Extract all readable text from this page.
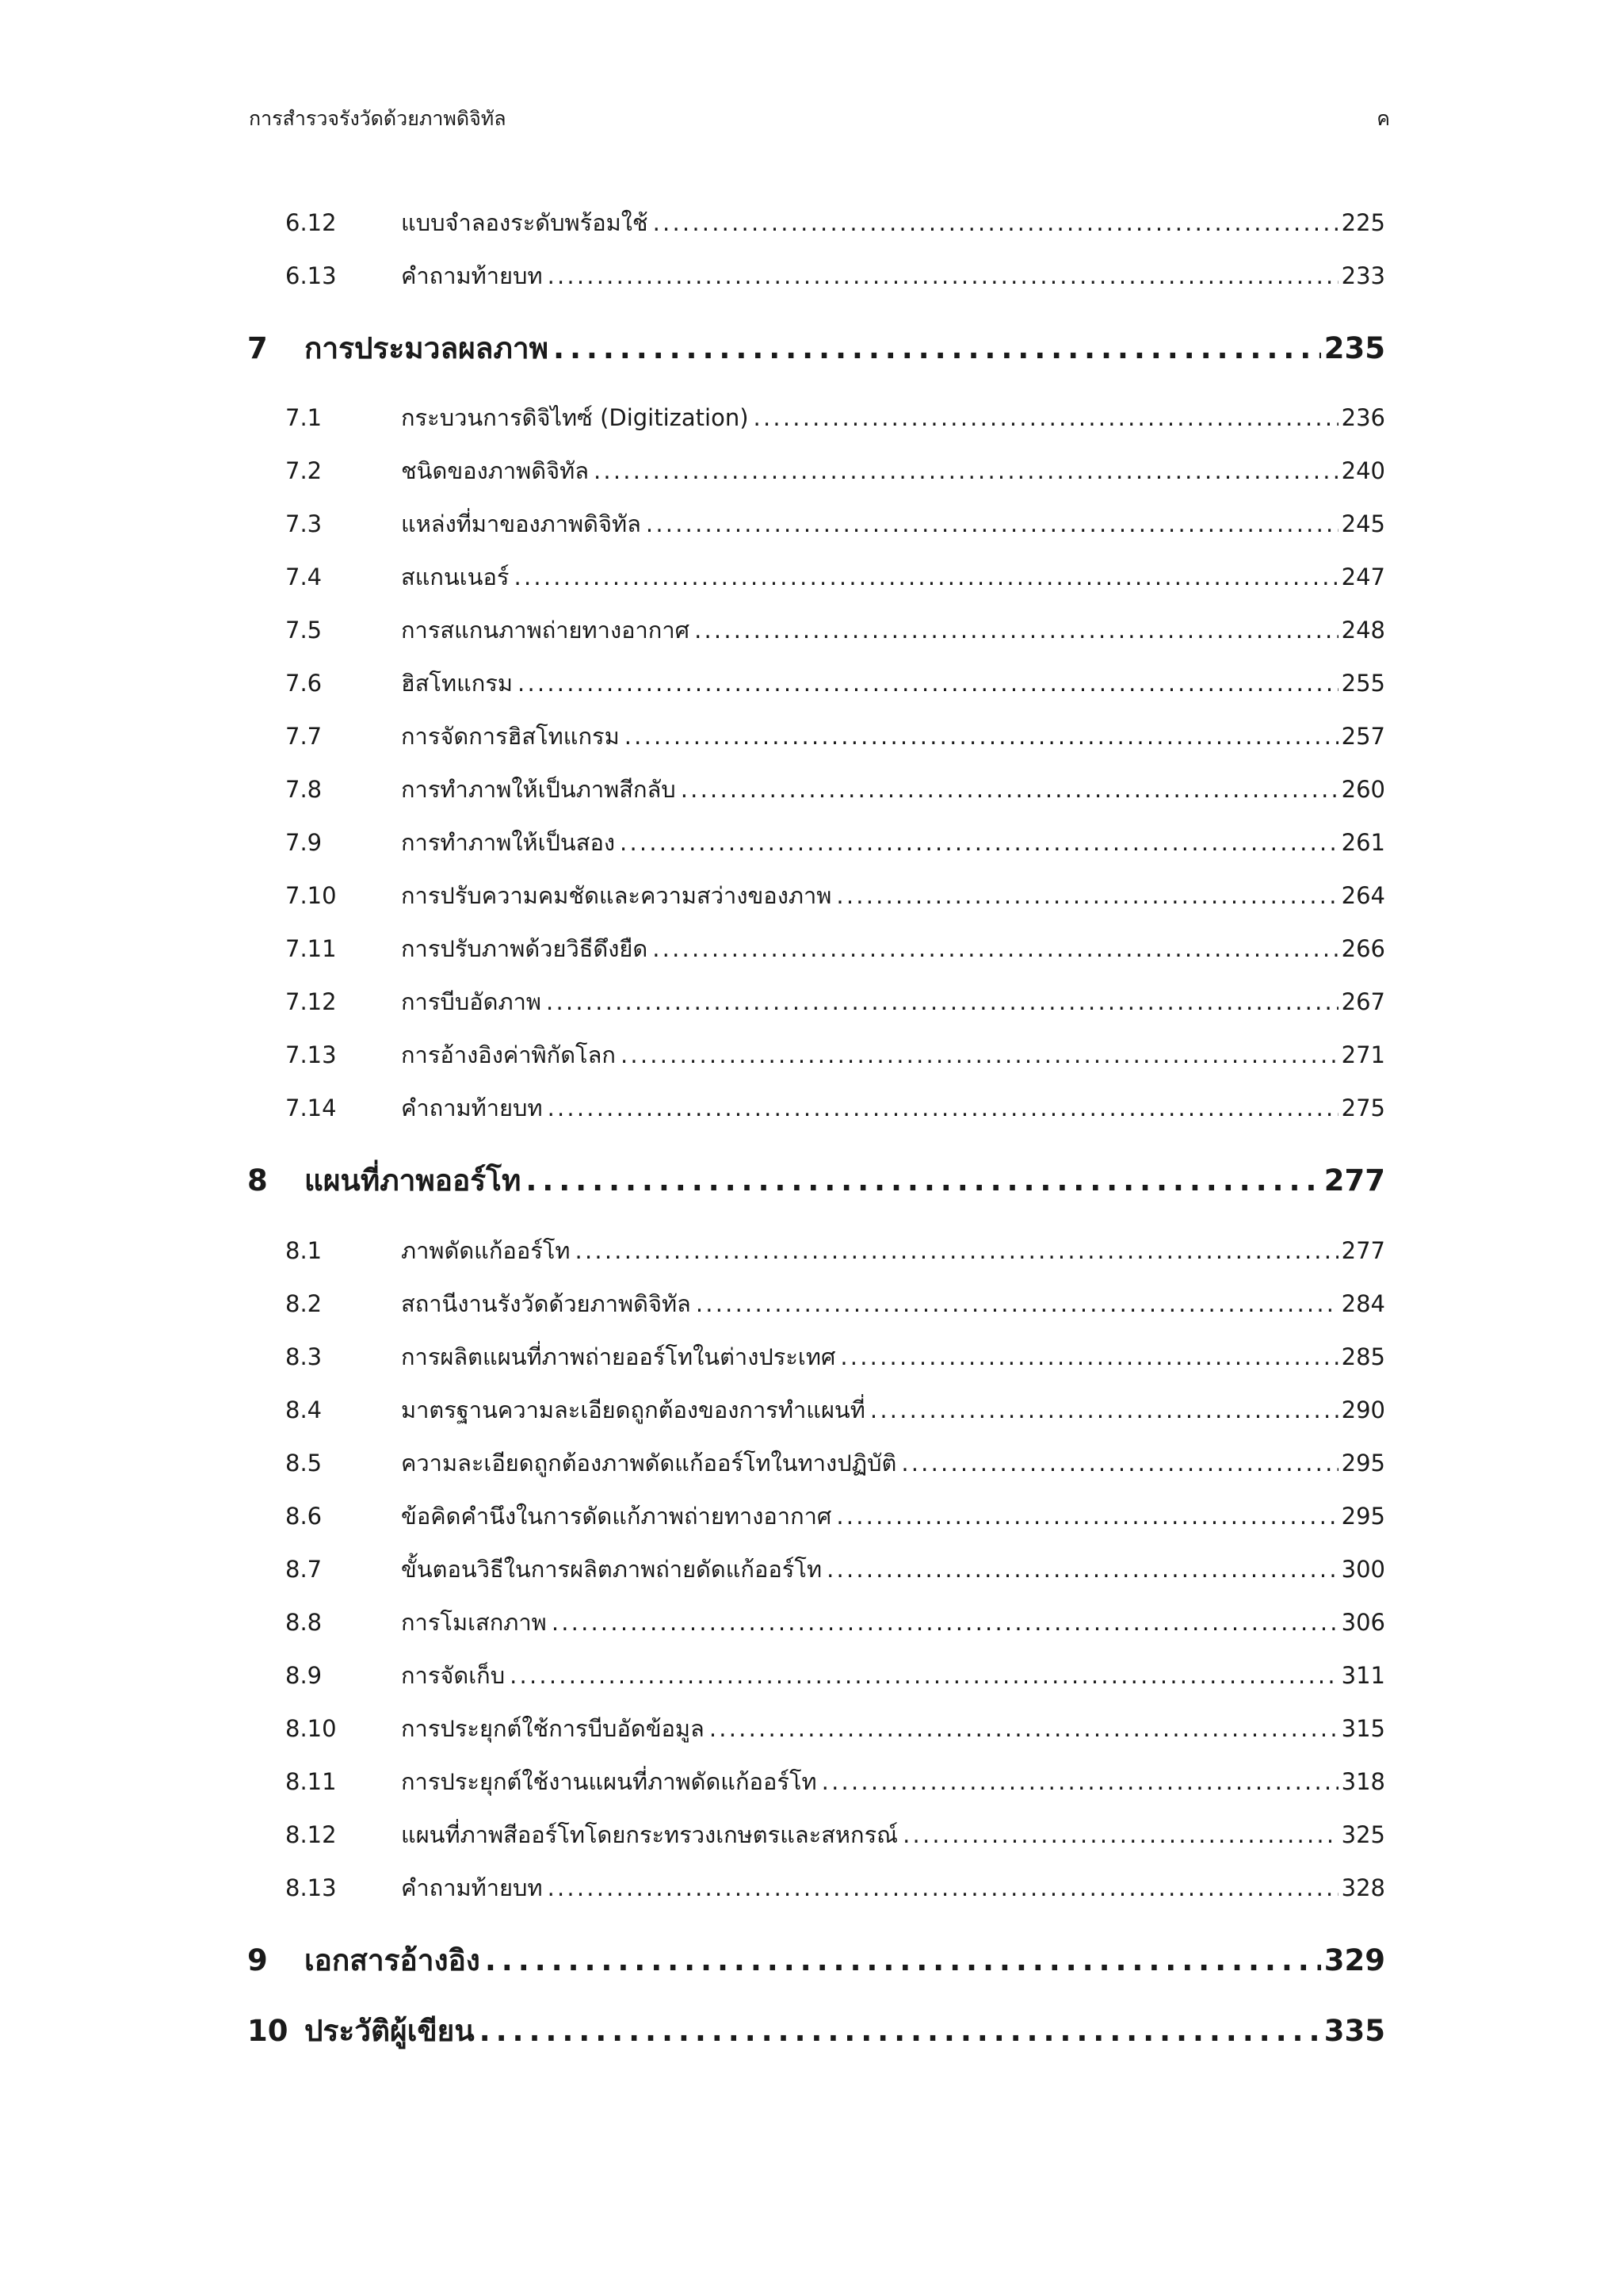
การสำรวจรังวัดด้วยภาพดิจิทัล	ค
6.12	แบบจำลองระดับพร้อมใช้ . . .	225
6.13	คำถามท้ายบท . . .	233
7	การประมวลผลภาพ . . .	235
7.1	กระบวนการดิจิไทซ์ (Digitization) . . .	236
7.2	ชนิดของภาพดิจิทัล . . .	240
7.3	แหล่งที่มาของภาพดิจิทัล . . .	245
7.4	สแกนเนอร์ . . .	247
7.5	การสแกนภาพถ่ายทางอากาศ . . .	248
7.6	ฮิสโทแกรม . . .	255
7.7	การจัดการฮิสโทแกรม . . .	257
7.8	การทำภาพให้เป็นภาพสีกลับ . . .	260
7.9	การทำภาพให้เป็นสอง . . .	261
7.10	การปรับความคมชัดและความสว่างของภาพ . . .	264
7.11	การปรับภาพด้วยวิธีดึงยืด . . .	266
7.12	การบีบอัดภาพ . . .	267
7.13	การอ้างอิงค่าพิกัดโลก . . .	271
7.14	คำถามท้ายบท . . .	275
8	แผนที่ภาพออร์โท . . .	277
8.1	ภาพดัดแก้ออร์โท . . .	277
8.2	สถานีงานรังวัดด้วยภาพดิจิทัล . . .	284
8.3	การผลิตแผนที่ภาพถ่ายออร์โทในต่างประเทศ . . .	285
8.4	มาตรฐานความละเอียดถูกต้องของการทำแผนที่ . . .	290
8.5	ความละเอียดถูกต้องภาพดัดแก้ออร์โทในทางปฏิบัติ . . .	295
8.6	ข้อคิดคำนึงในการดัดแก้ภาพถ่ายทางอากาศ . . .	295
8.7	ขั้นตอนวิธีในการผลิตภาพถ่ายดัดแก้ออร์โท . . .	300
8.8	การโมเสกภาพ . . .	306
8.9	การจัดเก็บ . . .	311
8.10	การประยุกต์ใช้การบีบอัดข้อมูล . . .	315
8.11	การประยุกต์ใช้งานแผนที่ภาพดัดแก้ออร์โท . . .	318
8.12	แผนที่ภาพสีออร์โทโดยกระทรวงเกษตรและสหกรณ์ . . .	325
8.13	คำถามท้ายบท . . .	328
9	เอกสารอ้างอิง . . .	329
10 ประวัติผู้เขียน . . .	335
